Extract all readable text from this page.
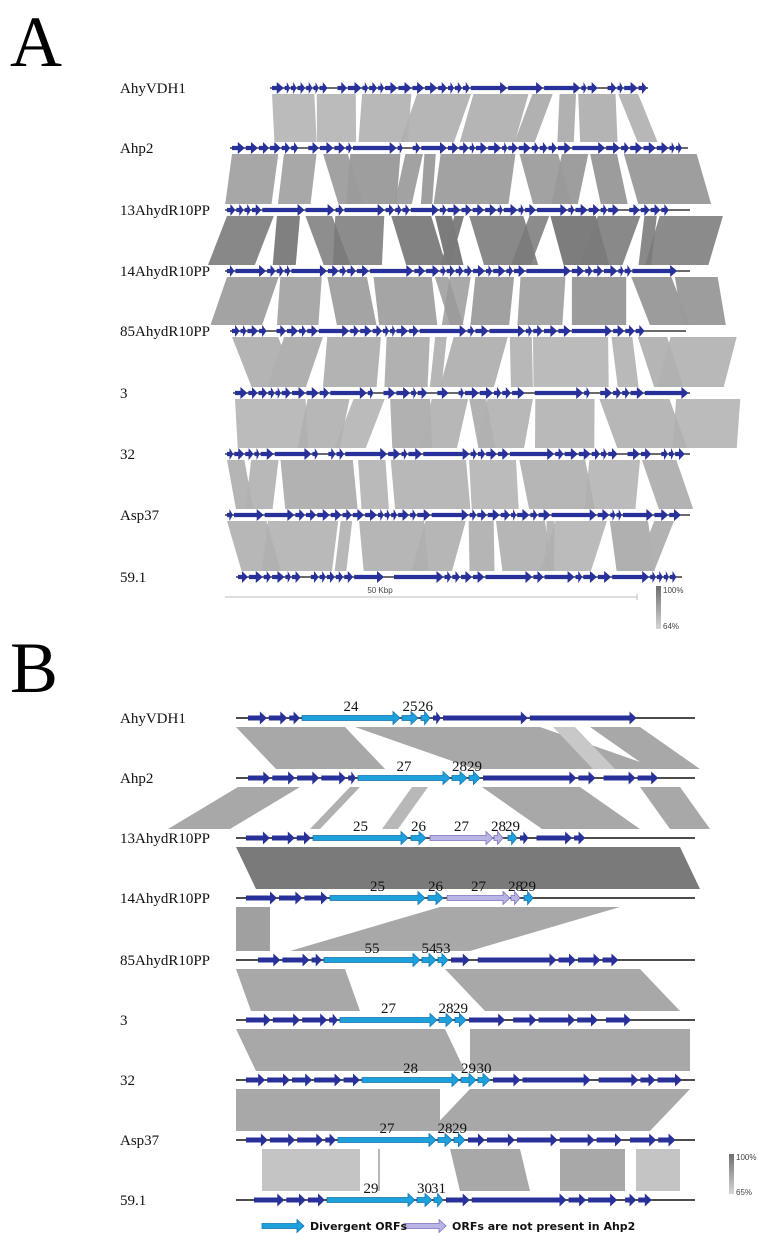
A
AhyVDH1
Ahp2
13AhydR10PP
14AhydR10PP
85AhydR10PP
3
32
Asp37
59.1
50 Kbp	100%
64%
B
AhyVDH1
24	25 26
Ahp2
27	28 29
13AhydR10PP
25	26 27 28 29
14AhydR10PP
25	26 27 28
29
85AhydR10PP
55	54 53
3
27	28 29
32
28	29 30
Asp37
27	28 29
59.1
29	30 31
100%
65%
Divergent ORFs	ORFs are not present in Ahp2
